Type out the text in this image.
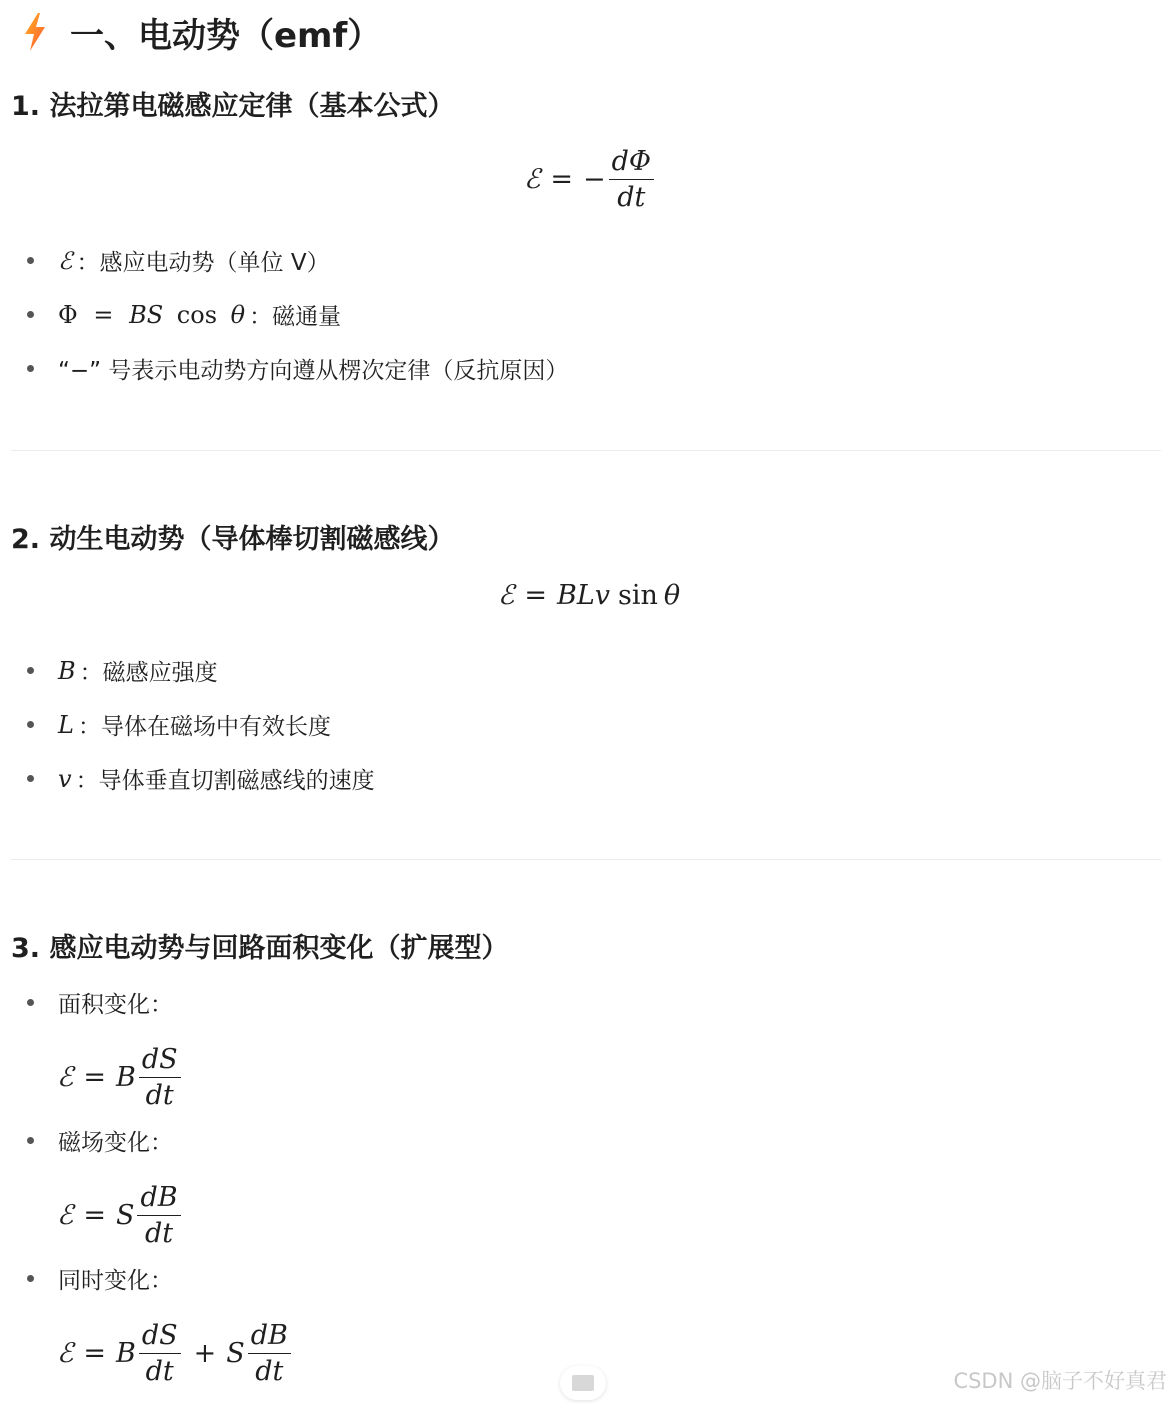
一、电动势（emf）
1. 法拉第电磁感应定律（基本公式）
ℰ = − $\frac{d\Phi}{dt}$
ℰ ：感应电动势（单位 V）
Φ = BS cos θ ：磁通量
“−” 号表示电动势方向遵从楞次定律（反抗原因）
2. 动生电动势（导体棒切割磁感线）
ℰ = BLv sin θ
B ：磁感应强度
L ：导体在磁场中有效长度
v ：导体垂直切割磁感线的速度
3. 感应电动势与回路面积变化（扩展型）
面积变化：
ℰ = B $\frac{dS}{dt}$
磁场变化：
ℰ = S $\frac{dB}{dt}$
同时变化：
ℰ = B $\frac{dS}{dt} + S \frac{dB}{dt}$	CSDN @脑子不好真君
